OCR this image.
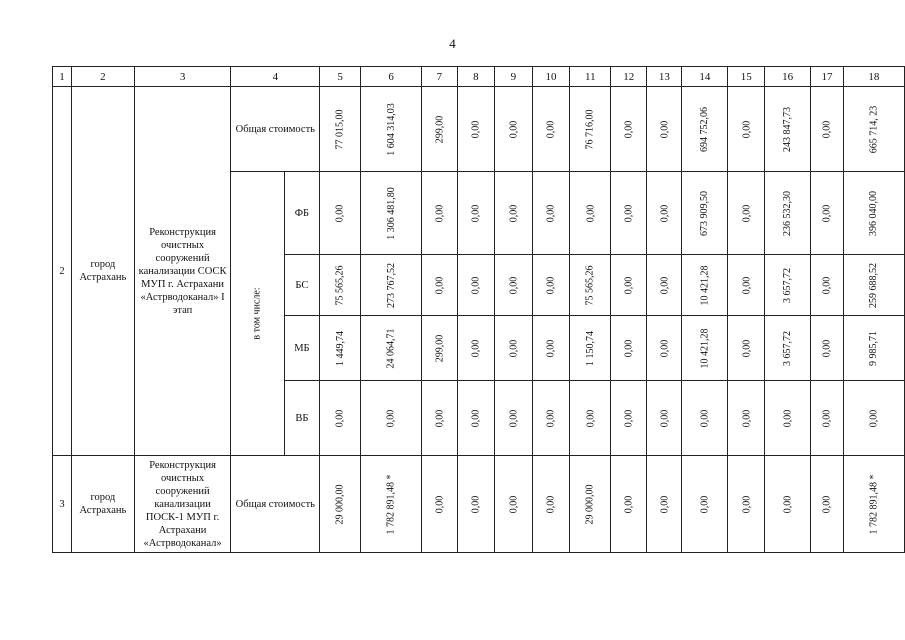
4
1	2	3	4		5	6	7	8	9	10	11	12	13	14	15	16	17	18
2	город Астрахань	Реконструкция очистных сооружений канализации СОСК МУП г. Астрахани «Астрводоканал» I этап	Общая стоимость		77 015,00	1 604 314,03	299,00	0,00	0,00	0,00	76 716,00	0,00	0,00	694 752,06	0,00	243 847,73	0,00	665 714, 23
			в том числе:	ФБ	0,00	1 306 481,80	0,00	0,00	0,00	0,00	0,00	0,00	0,00	673 909,50	0,00	236 532,30	0,00	396 040,00
				БС	75 565,26	273 767,52	0,00	0,00	0,00	0,00	75 565,26	0,00	0,00	10 421,28	0,00	3 657,72	0,00	259 688,52
				МБ	1 449,74	24 064,71	299,00	0,00	0,00	0,00	1 150,74	0,00	0,00	10 421,28	0,00	3 657,72	0,00	9 985,71
				ВБ	0,00	0,00	0,00	0,00	0,00	0,00	0,00	0,00	0,00	0,00	0,00	0,00	0,00	0,00
3	город Астрахань	Реконструкция очистных сооружений канализации ПОСК-1 МУП г. Астрахани «Астрводоканал»	Общая стоимость		29 000,00	1 782 891,48 *	0,00	0,00	0,00	0,00	29 000,00	0,00	0,00	0,00	0,00	0,00	0,00	1 782 891,48 *
